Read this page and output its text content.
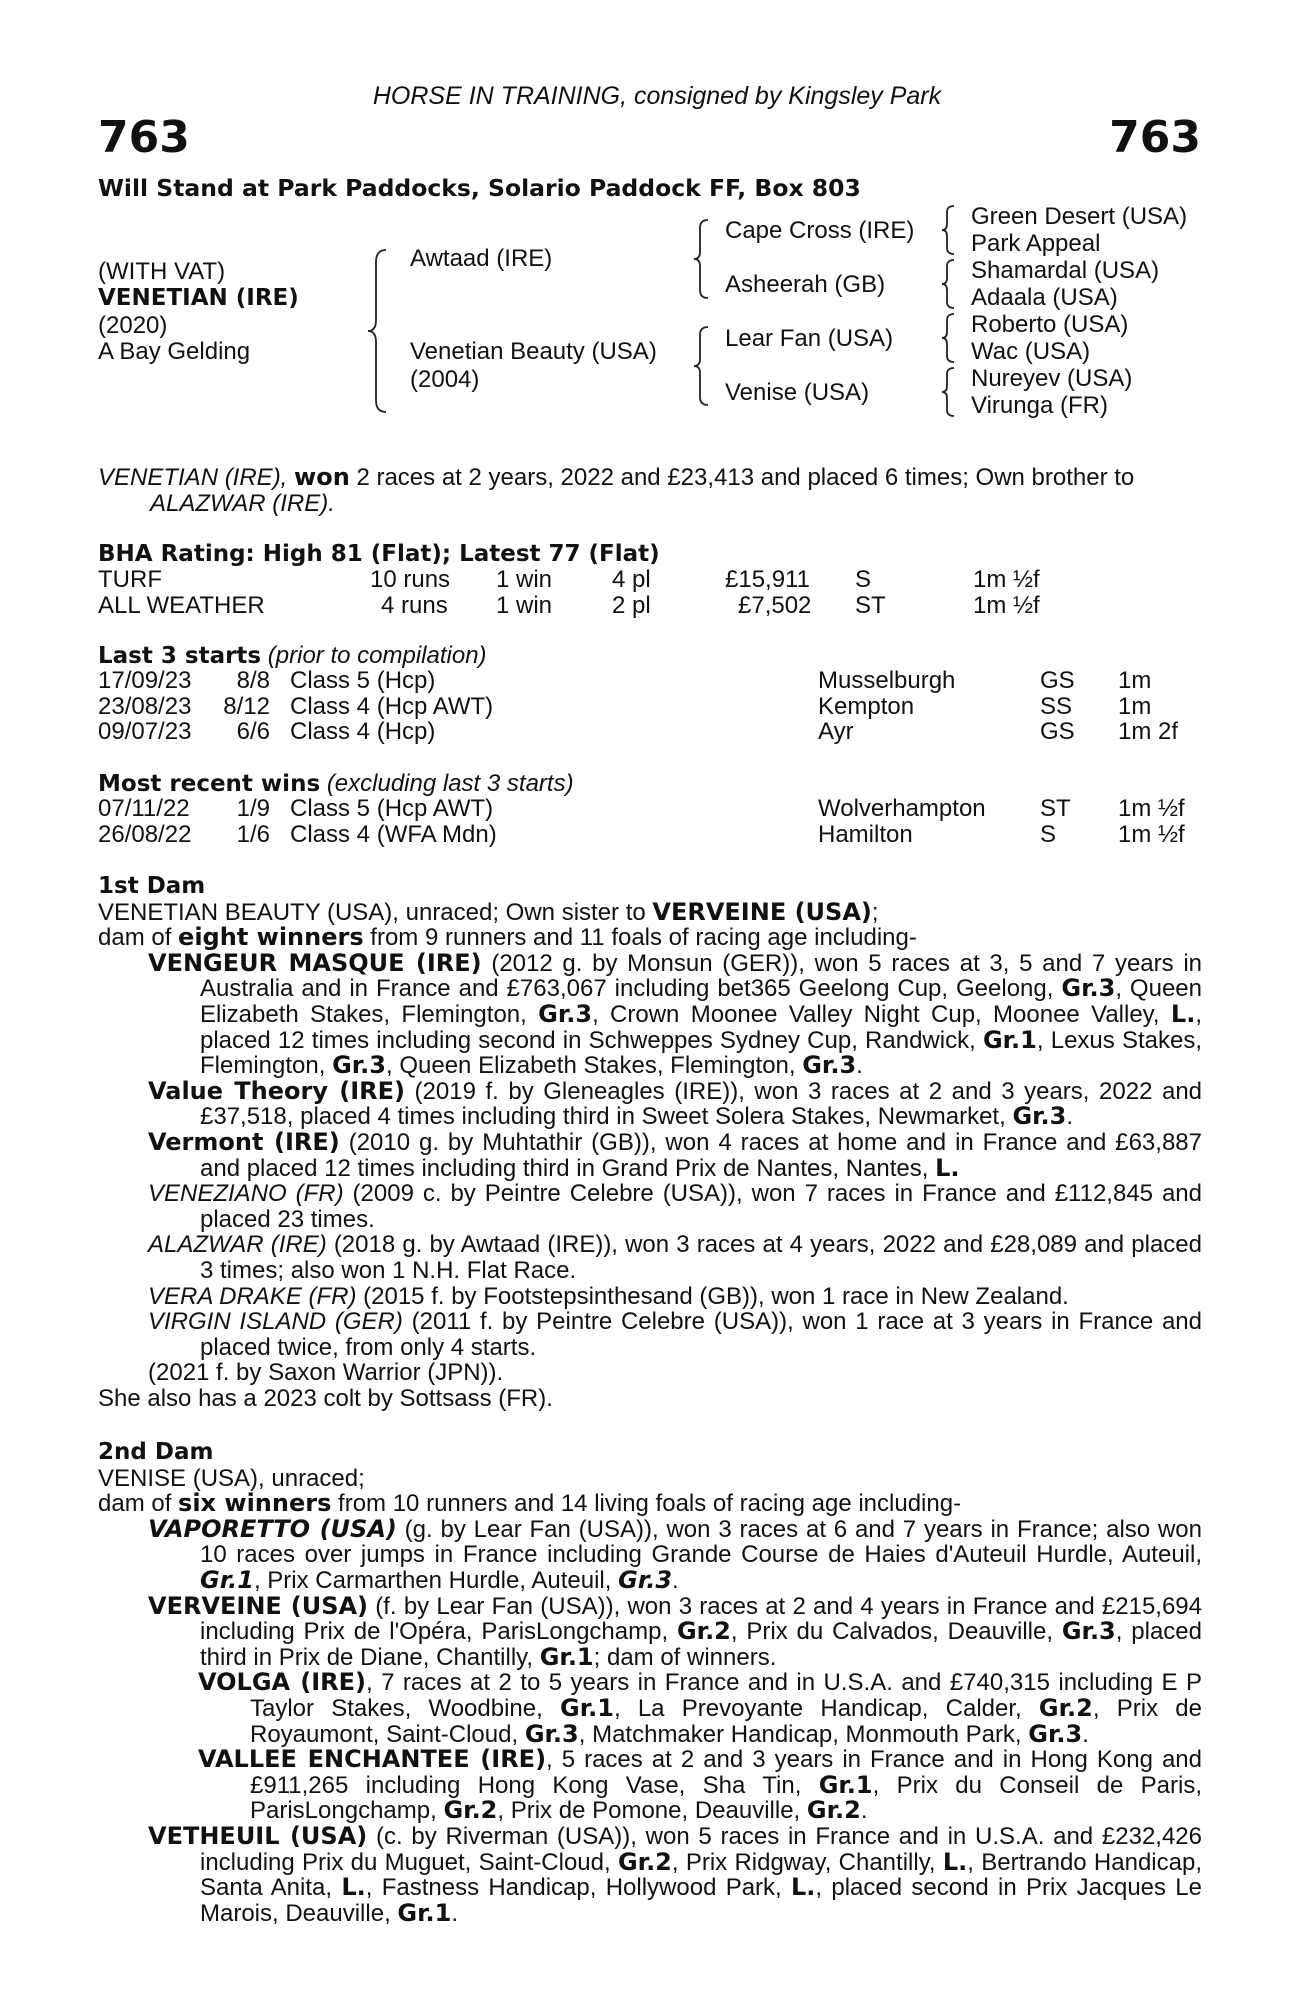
HORSE IN TRAINING, consigned by Kingsley Park
763	763
Will Stand at Park Paddocks, Solario Paddock FF, Box 803
(WITH VAT)
VENETIAN (IRE)
(2020)
A Bay Gelding
Awtaad (IRE)
Venetian Beauty (USA)
(2004)
Cape Cross (IRE)
Asheerah (GB)
Lear Fan (USA)
Venise (USA)
Green Desert (USA)
Park Appeal
Shamardal (USA)
Adaala (USA)
Roberto (USA)
Wac (USA)
Nureyev (USA)
Virunga (FR)
VENETIAN (IRE), won 2 races at 2 years, 2022 and £23,413 and placed 6 times; Own brother to
ALAZWAR (IRE).
BHA Rating: High 81 (Flat); Latest 77 (Flat)
TURF	10 runs 1 win 4 pl	£15,911 S	1m ½f
ALL WEATHER	4 runs 1 win 2 pl	£7,502 ST	1m ½f
Last 3 starts (prior to compilation)
17/09/23	8/8 Class 5 (Hcp)	Musselburgh	GS 1m
23/08/23	8/12 Class 4 (Hcp AWT)	Kempton	SS 1m
09/07/23	6/6 Class 4 (Hcp)	Ayr	GS 1m 2f
Most recent wins (excluding last 3 starts)
07/11/22	1/9 Class 5 (Hcp AWT)	Wolverhampton ST 1m ½f
26/08/22	1/6 Class 4 (WFA Mdn)	Hamilton	S	1m ½f
1st Dam

VENETIAN BEAUTY (USA), unraced; Own sister to VERVEINE (USA);

dam of eight winners from 9 runners and 11 foals of racing age including-

VENGEUR MASQUE (IRE) (2012 g. by Monsun (GER)), won 5 races at 3, 5 and 7 years in Australia and in France and £763,067 including bet365 Geelong Cup, Geelong, Gr.3, Queen Elizabeth Stakes, Flemington, Gr.3, Crown Moonee Valley Night Cup, Moonee Valley, L., placed 12 times including second in Schweppes Sydney Cup, Randwick, Gr.1, Lexus Stakes, Flemington, Gr.3, Queen Elizabeth Stakes, Flemington, Gr.3.

Value Theory (IRE) (2019 f. by Gleneagles (IRE)), won 3 races at 2 and 3 years, 2022 and £37,518, placed 4 times including third in Sweet Solera Stakes, Newmarket, Gr.3.

Vermont (IRE) (2010 g. by Muhtathir (GB)), won 4 races at home and in France and £63,887 and placed 12 times including third in Grand Prix de Nantes, Nantes, L.

VENEZIANO (FR) (2009 c. by Peintre Celebre (USA)), won 7 races in France and £112,845 and placed 23 times.

ALAZWAR (IRE) (2018 g. by Awtaad (IRE)), won 3 races at 4 years, 2022 and £28,089 and placed 3 times; also won 1 N.H. Flat Race.

VERA DRAKE (FR) (2015 f. by Footstepsinthesand (GB)), won 1 race in New Zealand.

VIRGIN ISLAND (GER) (2011 f. by Peintre Celebre (USA)), won 1 race at 3 years in France and placed twice, from only 4 starts.

(2021 f. by Saxon Warrior (JPN)).

She also has a 2023 colt by Sottsass (FR).

2nd Dam

VENISE (USA), unraced;

dam of six winners from 10 runners and 14 living foals of racing age including-

VAPORETTO (USA) (g. by Lear Fan (USA)), won 3 races at 6 and 7 years in France; also won 10 races over jumps in France including Grande Course de Haies d'Auteuil Hurdle, Auteuil, Gr.1, Prix Carmarthen Hurdle, Auteuil, Gr.3.

VERVEINE (USA) (f. by Lear Fan (USA)), won 3 races at 2 and 4 years in France and £215,694 including Prix de l'Opéra, ParisLongchamp, Gr.2, Prix du Calvados, Deauville, Gr.3, placed third in Prix de Diane, Chantilly, Gr.1; dam of winners.

VOLGA (IRE), 7 races at 2 to 5 years in France and in U.S.A. and £740,315 including E P Taylor Stakes, Woodbine, Gr.1, La Prevoyante Handicap, Calder, Gr.2, Prix de Royaumont, Saint-Cloud, Gr.3, Matchmaker Handicap, Monmouth Park, Gr.3.

VALLEE ENCHANTEE (IRE), 5 races at 2 and 3 years in France and in Hong Kong and £911,265 including Hong Kong Vase, Sha Tin, Gr.1, Prix du Conseil de Paris, ParisLongchamp, Gr.2, Prix de Pomone, Deauville, Gr.2.

VETHEUIL (USA) (c. by Riverman (USA)), won 5 races in France and in U.S.A. and £232,426 including Prix du Muguet, Saint-Cloud, Gr.2, Prix Ridgway, Chantilly, L., Bertrando Handicap, Santa Anita, L., Fastness Handicap, Hollywood Park, L., placed second in Prix Jacques Le Marois, Deauville, Gr.1.
